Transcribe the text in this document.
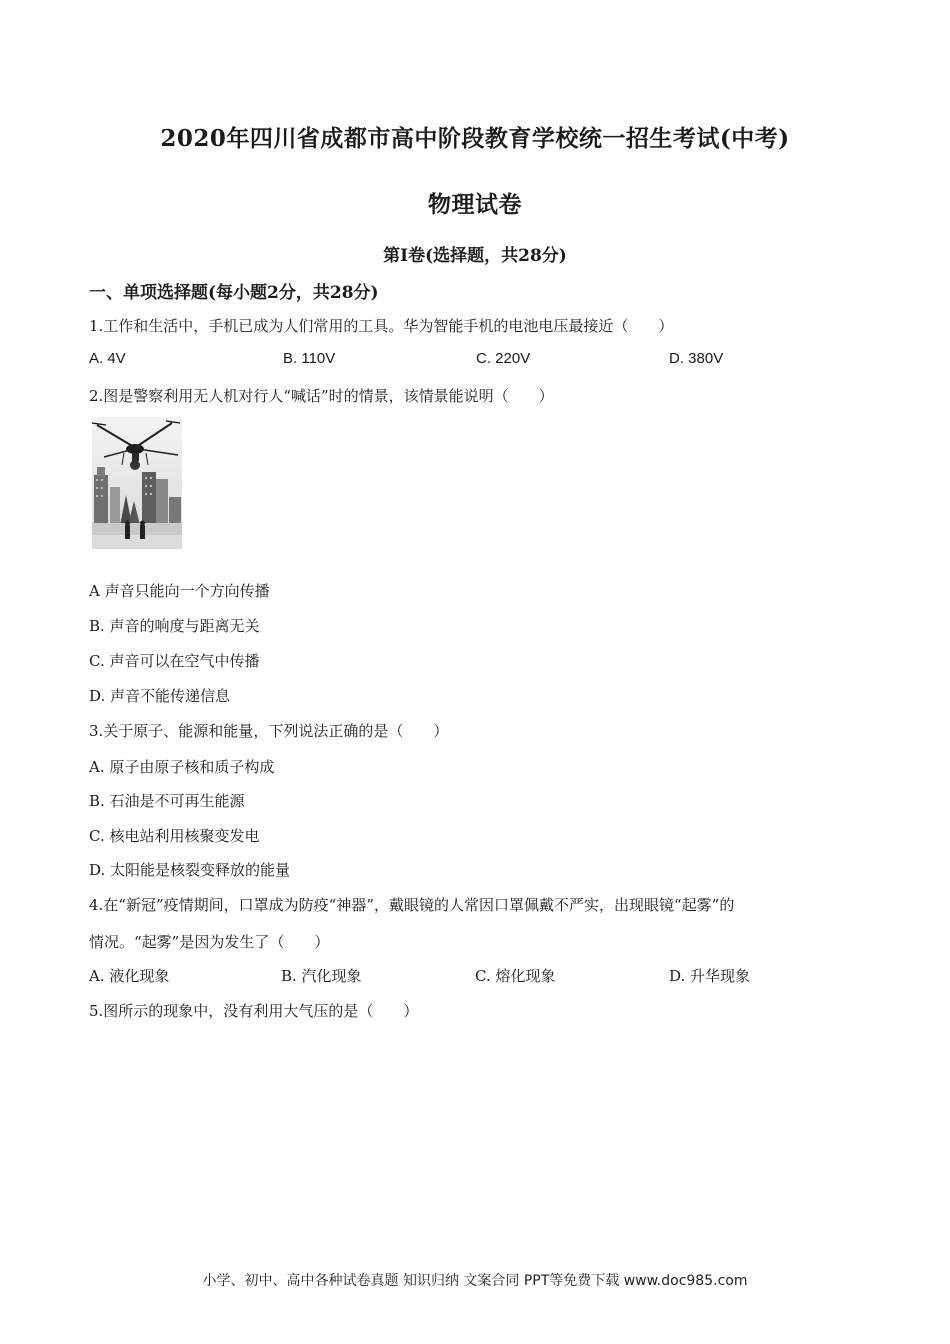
2020年四川省成都市高中阶段教育学校统一招生考试(中考)
物理试卷
第I卷(选择题，共28分)
一、单项选择题(每小题2分，共28分)
1.工作和生活中，手机已成为人们常用的工具。华为智能手机的电池电压最接近（　　）
A. 4V	B. 110V	C. 220V	D. 380V
2.图是警察利用无人机对行人“喊话”时的情景，该情景能说明（　　）
A 声音只能向一个方向传播
B. 声音的响度与距离无关
C. 声音可以在空气中传播
D. 声音不能传递信息
3.关于原子、能源和能量，下列说法正确的是（　　）
A. 原子由原子核和质子构成
B. 石油是不可再生能源
C. 核电站利用核聚变发电
D. 太阳能是核裂变释放的能量
4.在“新冠”疫情期间，口罩成为防疫“神器”，戴眼镜的人常因口罩佩戴不严实，出现眼镜“起雾”的
情况。“起雾”是因为发生了（　　）
A. 液化现象	B. 汽化现象	C. 熔化现象	D. 升华现象
5.图所示的现象中，没有利用大气压的是（　　）
小学、初中、高中各种试卷真题 知识归纳 文案合同 PPT等免费下载 www.doc985.com
